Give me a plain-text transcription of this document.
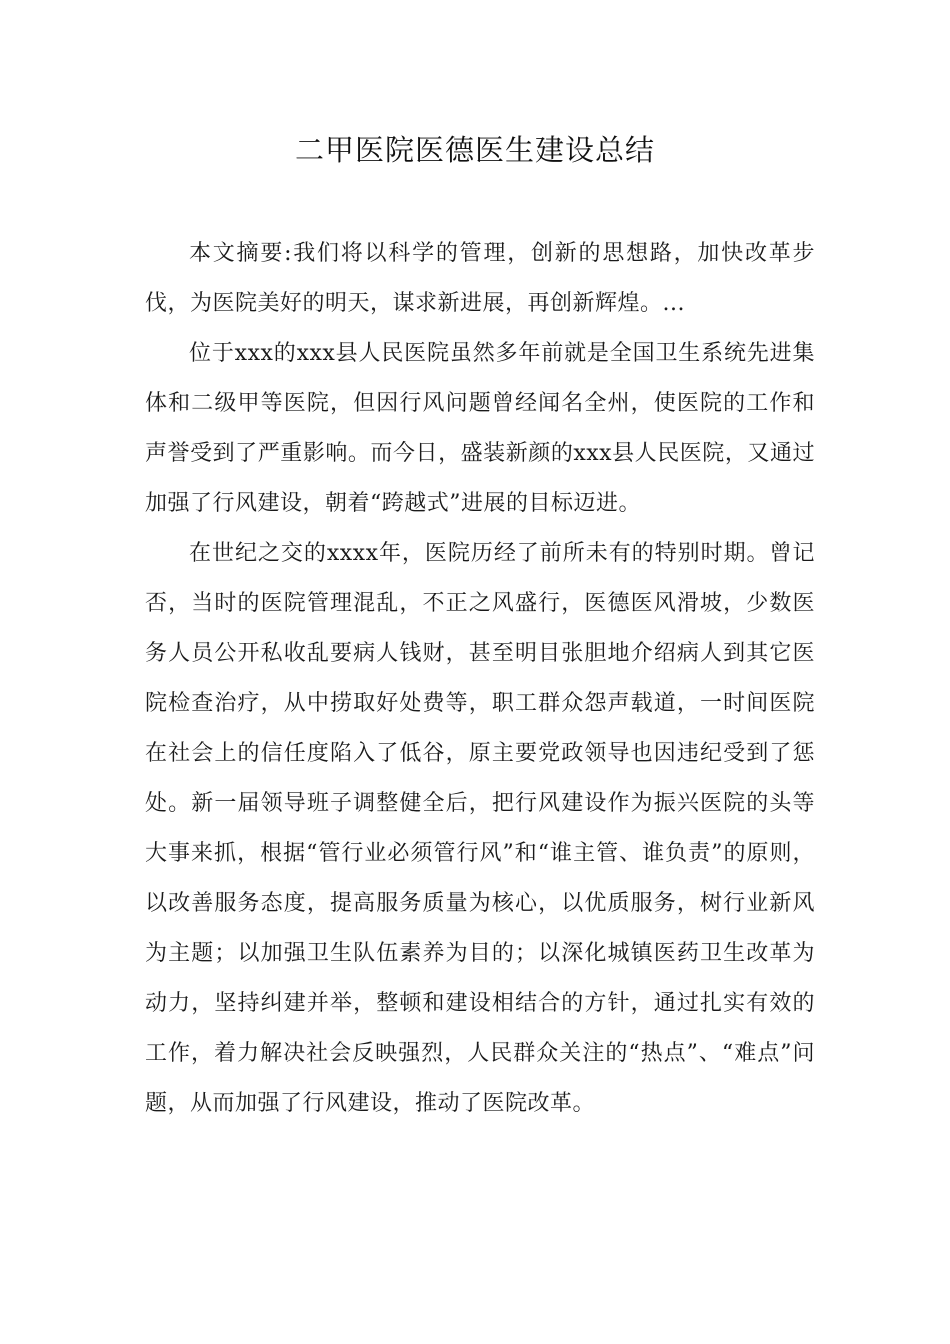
二甲医院医德医生建设总结

本文摘要:我们将以科学的管理，创新的思想路，加快改革步伐，为医院美好的明天，谋求新进展，再创新辉煌。...

位于xxx的xxx县人民医院虽然多年前就是全国卫生系统先进集体和二级甲等医院，但因行风问题曾经闻名全州，使医院的工作和声誉受到了严重影响。而今日，盛装新颜的xxx县人民医院，又通过加强了行风建设，朝着“跨越式”进展的目标迈进。

在世纪之交的xxxx年，医院历经了前所未有的特别时期。曾记否，当时的医院管理混乱，不正之风盛行，医德医风滑坡，少数医务人员公开私收乱要病人钱财，甚至明目张胆地介绍病人到其它医院检查治疗，从中捞取好处费等，职工群众怨声载道，一时间医院在社会上的信任度陷入了低谷，原主要党政领导也因违纪受到了惩处。新一届领导班子调整健全后，把行风建设作为振兴医院的头等大事来抓，根据“管行业必须管行风”和“谁主管、谁负责”的原则，以改善服务态度，提高服务质量为核心，以优质服务，树行业新风为主题；以加强卫生队伍素养为目的；以深化城镇医药卫生改革为动力，坚持纠建并举，整顿和建设相结合的方针，通过扎实有效的工作，着力解决社会反映强烈，人民群众关注的“热点”、“难点”问题，从而加强了行风建设，推动了医院改革。
